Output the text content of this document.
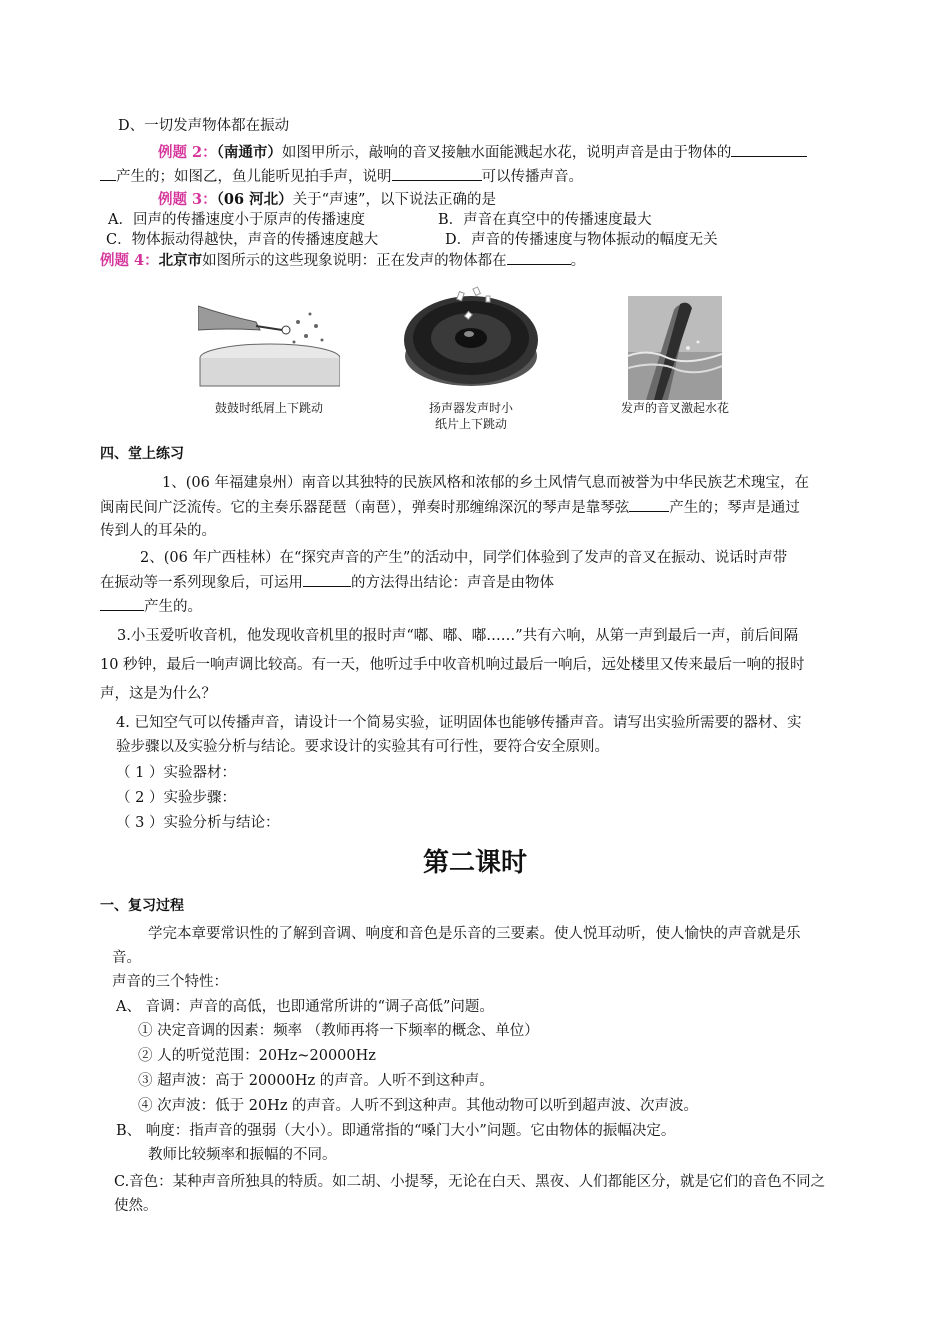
D、一切发声物体都在振动
例题 2：（南通市）如图甲所示，敲响的音叉接触水面能溅起水花，说明声音是由于物体的
产生的；如图乙，鱼儿能听见拍手声，说明	可以传播声音。
例题 3：（06 河北）关于“声速”，以下说法正确的是
A．回声的传播速度小于原声的传播速度	B．声音在真空中的传播速度最大
C．物体振动得越快，声音的传播速度越大	D．声音的传播速度与物体振动的幅度无关
例题 4：北京市如图所示的这些现象说明：正在发声的物体都在	。
鼓鼓时纸屑上下跳动	扬声器发声时小
纸片上下跳动
发声的音叉激起水花
四、堂上练习
1、(06 年福建泉州）南音以其独特的民族风格和浓郁的乡土风情气息而被誉为中华民族艺术瑰宝，在
闽南民间广泛流传。它的主奏乐器琵琶（南琶），弹奏时那缠绵深沉的琴声是靠琴弦	产生的；琴声是通过
传到人的耳朵的。
2、(06 年广西桂林）在“探究声音的产生”的活动中，同学们体验到了发声的音叉在振动、说话时声带
在振动等一系列现象后，可运用	的方法得出结论：声音是由物体
产生的。
3.小玉爱听收音机，他发现收音机里的报时声“嘟、嘟、嘟……”共有六响，从第一声到最后一声，前后间隔
10 秒钟，最后一响声调比较高。有一天，他听过手中收音机响过最后一响后，远处楼里又传来最后一响的报时
声，这是为什么？
4. 已知空气可以传播声音，请设计一个简易实验，证明固体也能够传播声音。请写出实验所需要的器材、实
验步骤以及实验分析与结论。要求设计的实验其有可行性，要符合安全原则。
（ 1 ）实验器材：
（ 2 ）实验步骤：
（ 3 ）实验分析与结论：
第二课时
一、复习过程
学完本章要常识性的了解到音调、响度和音色是乐音的三要素。使人悦耳动听，使人愉快的声音就是乐
音。
声音的三个特性：
A、 音调：声音的高低，也即通常所讲的“调子高低”问题。
① 决定音调的因素：频率 （教师再将一下频率的概念、单位）
② 人的听觉范围：20Hz~20000Hz
③ 超声波：高于 20000Hz 的声音。人听不到这种声。
④ 次声波：低于 20Hz 的声音。人听不到这种声。其他动物可以听到超声波、次声波。
B、 响度：指声音的强弱（大小）。即通常指的“嗓门大小”问题。它由物体的振幅决定。
教师比较频率和振幅的不同。
C.音色：某种声音所独具的特质。如二胡、小提琴，无论在白天、黑夜、人们都能区分，就是它们的音色不同之
使然。
